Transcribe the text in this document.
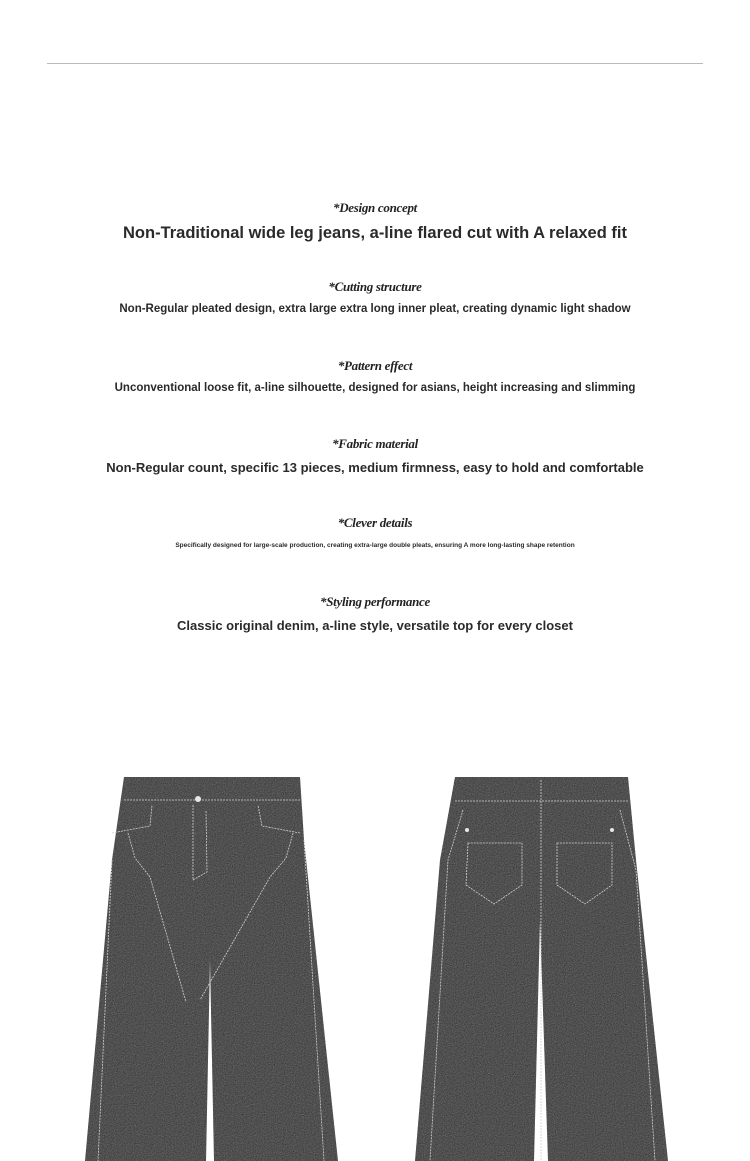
*Design concept
Non-Traditional wide leg jeans, a-line flared cut with A relaxed fit
*Cutting structure
Non-Regular pleated design, extra large extra long inner pleat, creating dynamic light shadow
*Pattern effect
Unconventional loose fit, a-line silhouette, designed for asians, height increasing and slimming
*Fabric material
Non-Regular count, specific 13 pieces, medium firmness, easy to hold and comfortable
*Clever details
Specifically designed for large-scale production, creating extra-large double pleats, ensuring A more long-lasting shape retention
*Styling performance
Classic original denim, a-line style, versatile top for every closet
